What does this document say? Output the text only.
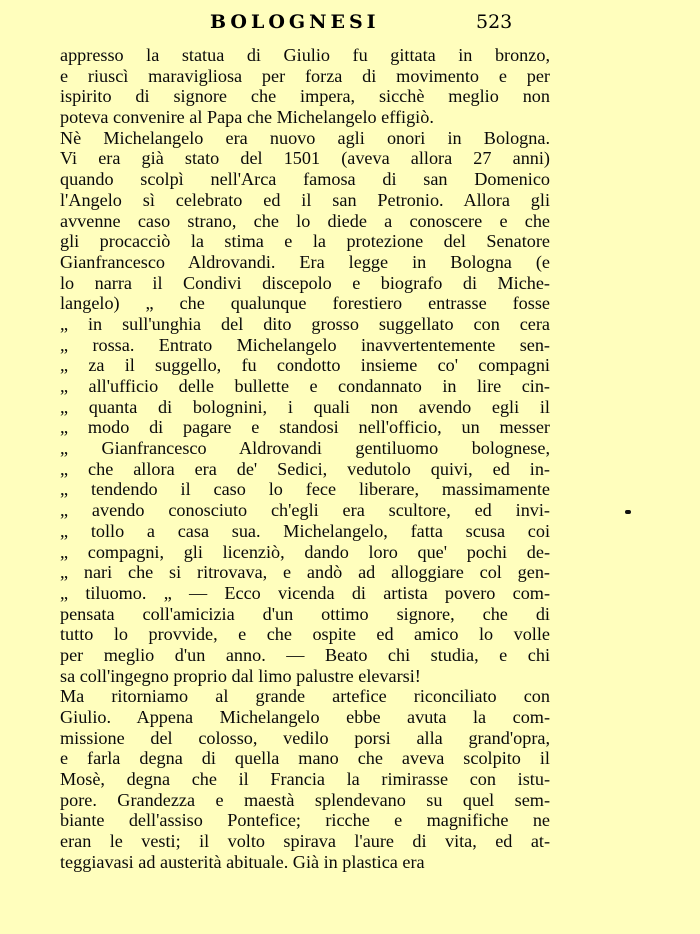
BOLOGNESI	523
appresso la statua di Giulio fu gittata in bronzo,
e riuscì maravigliosa per forza di movimento e per
ispirito di signore che impera, sicchè meglio non
poteva convenire al Papa che Michelangelo effigiò.
Nè Michelangelo era nuovo agli onori in Bologna.
Vi era già stato del 1501 (aveva allora 27 anni)
quando scolpì nell'Arca famosa di san Domenico
l'Angelo sì celebrato ed il san Petronio. Allora gli
avvenne caso strano, che lo diede a conoscere e che
gli procacciò la stima e la protezione del Senatore
Gianfrancesco Aldrovandi. Era legge in Bologna (e
lo narra il Condivi discepolo e biografo di Miche-
langelo) „ che qualunque forestiero entrasse fosse
„ in sull'unghia del dito grosso suggellato con cera
„ rossa. Entrato Michelangelo inavvertentemente sen-
„ za il suggello, fu condotto insieme co' compagni
„ all'ufficio delle bullette e condannato in lire cin-
„ quanta di bolognini, i quali non avendo egli il
„ modo di pagare e standosi nell'officio, un messer
„ Gianfrancesco Aldrovandi gentiluomo bolognese,
„ che allora era de' Sedici, vedutolo quivi, ed in-
„ tendendo il caso lo fece liberare, massimamente
„ avendo conosciuto ch'egli era scultore, ed invi-
„ tollo a casa sua. Michelangelo, fatta scusa coi
„ compagni, gli licenziò, dando loro que' pochi de-
„ nari che si ritrovava, e andò ad alloggiare col gen-
„ tiluomo. „ — Ecco vicenda di artista povero com-
pensata coll'amicizia d'un ottimo signore, che di
tutto lo provvide, e che ospite ed amico lo volle
per meglio d'un anno. — Beato chi studia, e chi
sa coll'ingegno proprio dal limo palustre elevarsi!
Ma ritorniamo al grande artefice riconciliato con
Giulio. Appena Michelangelo ebbe avuta la com-
missione del colosso, vedilo porsi alla grand'opra,
e farla degna di quella mano che aveva scolpito il
Mosè, degna che il Francia la rimirasse con istu-
pore. Grandezza e maestà splendevano su quel sem-
biante dell'assiso Pontefice; ricche e magnifiche ne
eran le vesti; il volto spirava l'aure di vita, ed at-
teggiavasi ad austerità abituale. Già in plastica era
